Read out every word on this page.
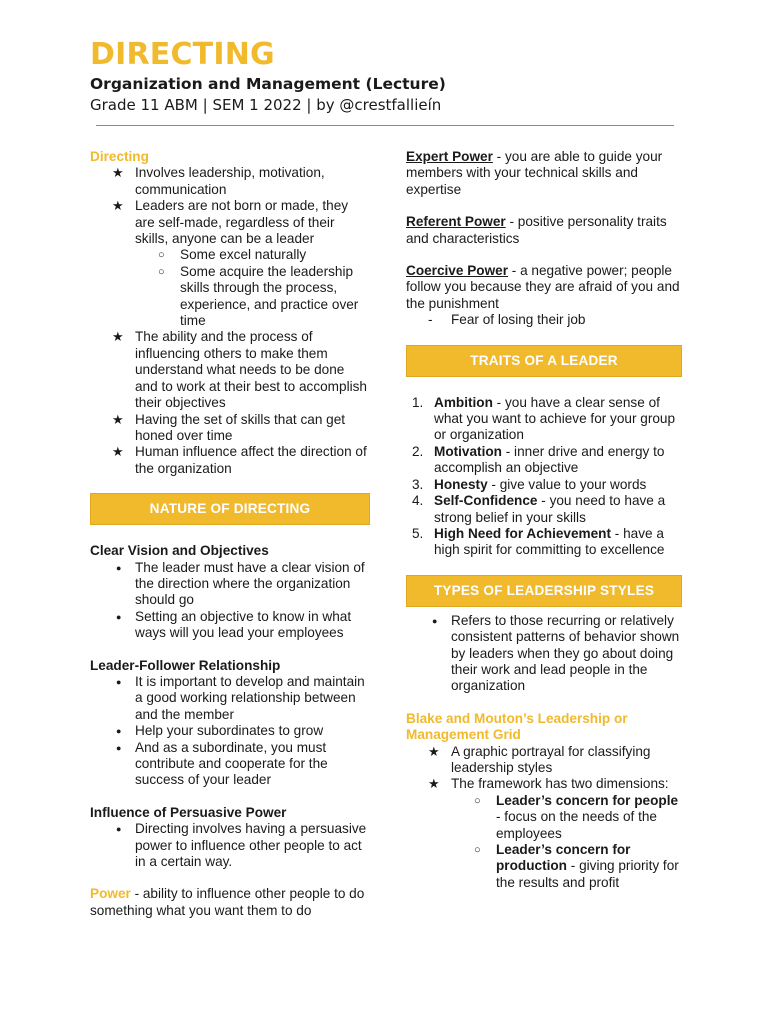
DIRECTING
Organization and Management (Lecture)
Grade 11 ABM | SEM 1 2022 | by @crestfallieín
Directing
★ Involves leadership, motivation, communication
★ Leaders are not born or made, they are self-made, regardless of their skills, anyone can be a leader
○ Some excel naturally
○ Some acquire the leadership skills through the process, experience, and practice over time
★ The ability and the process of influencing others to make them understand what needs to be done and to work at their best to accomplish their objectives
★ Having the set of skills that can get honed over time
★ Human influence affect the direction of the organization
NATURE OF DIRECTING
Clear Vision and Objectives
● The leader must have a clear vision of the direction where the organization should go
● Setting an objective to know in what ways will you lead your employees
Leader-Follower Relationship
● It is important to develop and maintain a good working relationship between and the member
● Help your subordinates to grow
● And as a subordinate, you must contribute and cooperate for the success of your leader
Influence of Persuasive Power
● Directing involves having a persuasive power to influence other people to act in a certain way.
Power - ability to influence other people to do something what you want them to do
Expert Power - you are able to guide your members with your technical skills and expertise
Referent Power - positive personality traits and characteristics
Coercive Power - a negative power; people follow you because they are afraid of you and the punishment
- Fear of losing their job
TRAITS OF A LEADER
1. Ambition - you have a clear sense of what you want to achieve for your group or organization
2. Motivation - inner drive and energy to accomplish an objective
3. Honesty - give value to your words
4. Self-Confidence - you need to have a strong belief in your skills
5. High Need for Achievement - have a high spirit for committing to excellence
TYPES OF LEADERSHIP STYLES
● Refers to those recurring or relatively consistent patterns of behavior shown by leaders when they go about doing their work and lead people in the organization
Blake and Mouton’s Leadership or Management Grid
★ A graphic portrayal for classifying leadership styles
★ The framework has two dimensions:
○ Leader’s concern for people - focus on the needs of the employees
○ Leader’s concern for production - giving priority for the results and profit
